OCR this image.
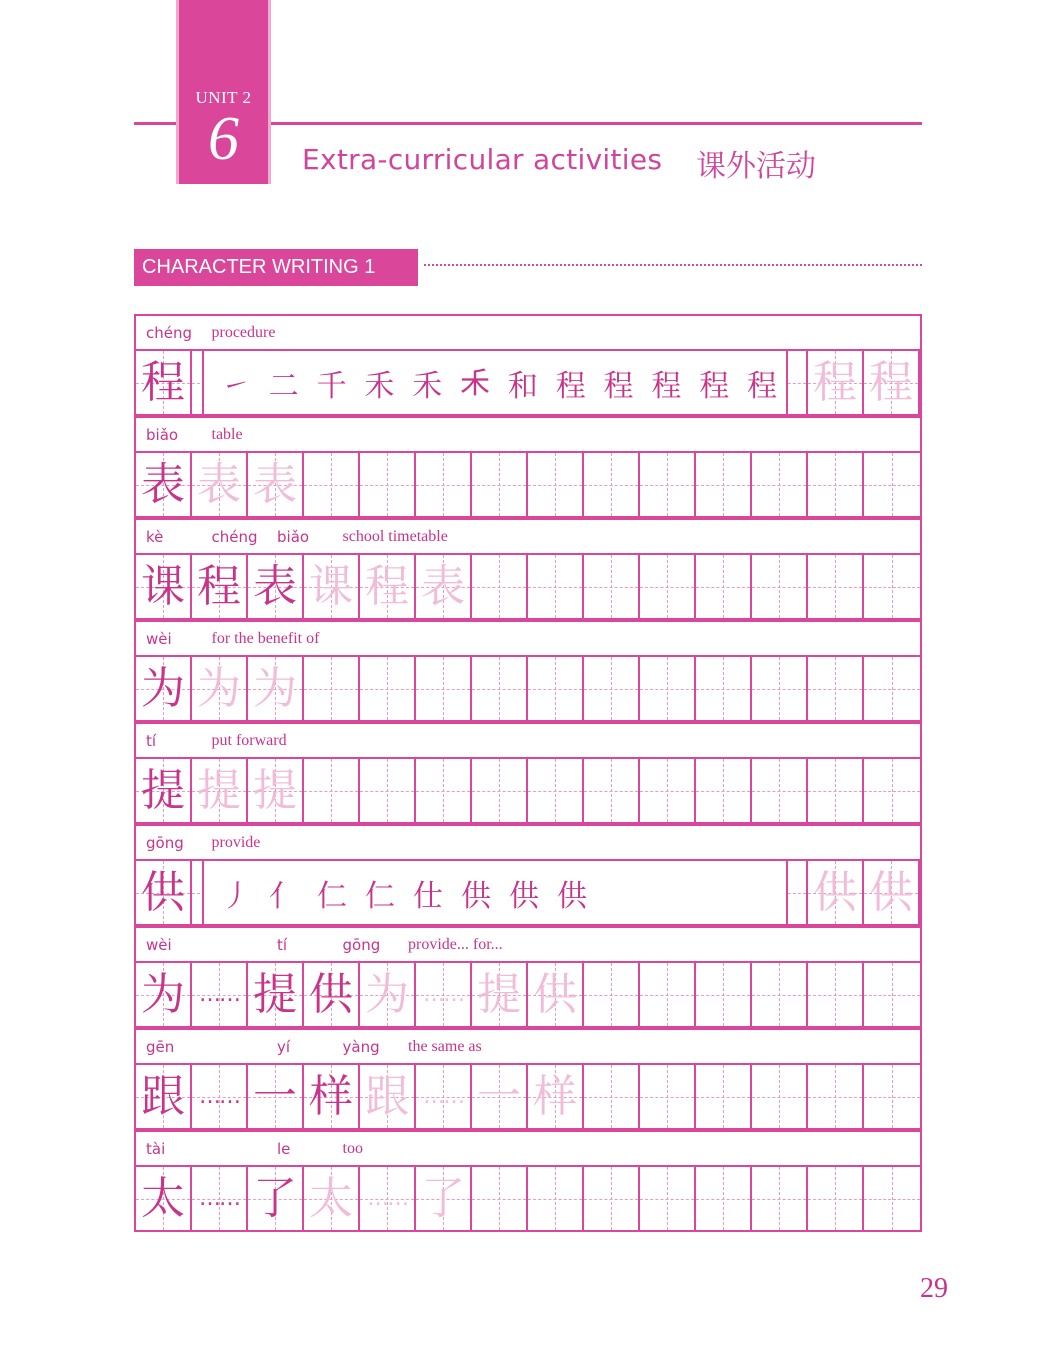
UNIT 2
6	Extra-curricular activities 课外活动
CHARACTER WRITING 1
chéng procedure
程	程 程
㇀ 二 千 禾 禾 𥝌 和 程 程 程 程 程
biǎo table
表 表 表
kè	chéng biǎo school timetable
课 程 表 课 程 表
wèi for the benefit of
为 为 为
tí	put forward
提 提 提
gōng provide
供	供 供
丿 亻 仁 仁 仕 供 供 供
wèi	tí	gōng provide... for...
为 …… 提 供 为 …… 提 供
gēn	yí	yàng the same as
跟 …… 一 样 跟 …… 一 样
tài	le	too
太 …… 了 太 …… 了
29
